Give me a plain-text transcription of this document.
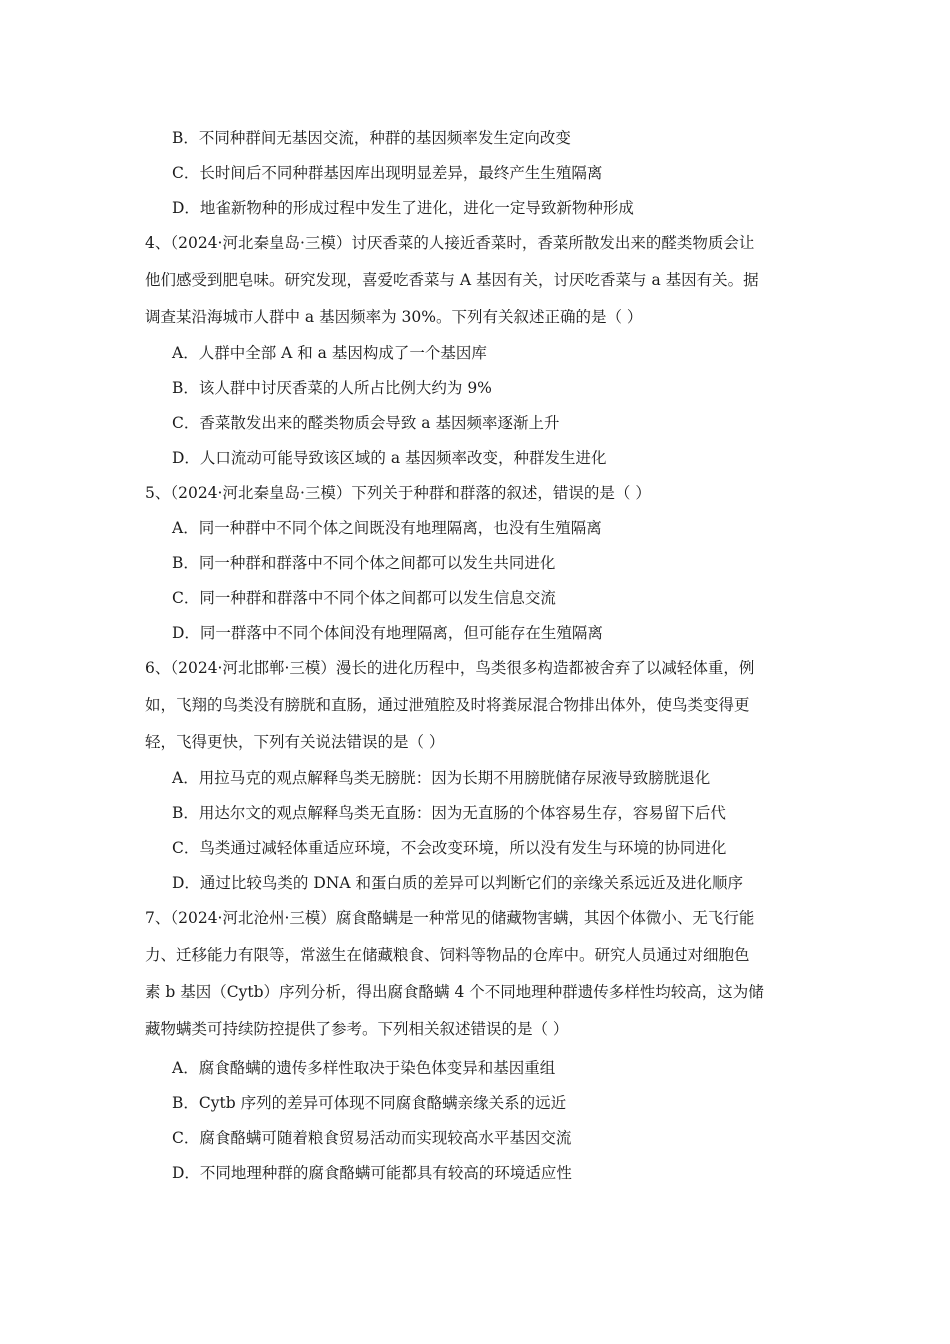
B．不同种群间无基因交流，种群的基因频率发生定向改变
C．长时间后不同种群基因库出现明显差异，最终产生生殖隔离
D．地雀新物种的形成过程中发生了进化，进化一定导致新物种形成
4、（2024·河北秦皇岛·三模）讨厌香菜的人接近香菜时，香菜所散发出来的醛类物质会让
他们感受到肥皂味。研究发现，喜爱吃香菜与 A 基因有关，讨厌吃香菜与 a 基因有关。据
调查某沿海城市人群中 a 基因频率为 30%。下列有关叙述正确的是（ ）
A．人群中全部 A 和 a 基因构成了一个基因库
B．该人群中讨厌香菜的人所占比例大约为 9%
C．香菜散发出来的醛类物质会导致 a 基因频率逐渐上升
D．人口流动可能导致该区域的 a 基因频率改变，种群发生进化
5、（2024·河北秦皇岛·三模）下列关于种群和群落的叙述，错误的是（ ）
A．同一种群中不同个体之间既没有地理隔离，也没有生殖隔离
B．同一种群和群落中不同个体之间都可以发生共同进化
C．同一种群和群落中不同个体之间都可以发生信息交流
D．同一群落中不同个体间没有地理隔离，但可能存在生殖隔离
6、（2024·河北邯郸·三模）漫长的进化历程中，鸟类很多构造都被舍弃了以减轻体重，例
如，飞翔的鸟类没有膀胱和直肠，通过泄殖腔及时将粪尿混合物排出体外，使鸟类变得更
轻，飞得更快，下列有关说法错误的是（ ）
A．用拉马克的观点解释鸟类无膀胱：因为长期不用膀胱储存尿液导致膀胱退化
B．用达尔文的观点解释鸟类无直肠：因为无直肠的个体容易生存，容易留下后代
C．鸟类通过减轻体重适应环境，不会改变环境，所以没有发生与环境的协同进化
D．通过比较鸟类的 DNA 和蛋白质的差异可以判断它们的亲缘关系远近及进化顺序
7、（2024·河北沧州·三模）腐食酪螨是一种常见的储藏物害螨，其因个体微小、无飞行能
力、迁移能力有限等，常滋生在储藏粮食、饲料等物品的仓库中。研究人员通过对细胞色
素 b 基因（Cytb）序列分析，得出腐食酪螨 4 个不同地理种群遗传多样性均较高，这为储
藏物螨类可持续防控提供了参考。下列相关叙述错误的是（ ）
A．腐食酪螨的遗传多样性取决于染色体变异和基因重组
B．Cytb 序列的差异可体现不同腐食酪螨亲缘关系的远近
C．腐食酪螨可随着粮食贸易活动而实现较高水平基因交流
D．不同地理种群的腐食酪螨可能都具有较高的环境适应性
